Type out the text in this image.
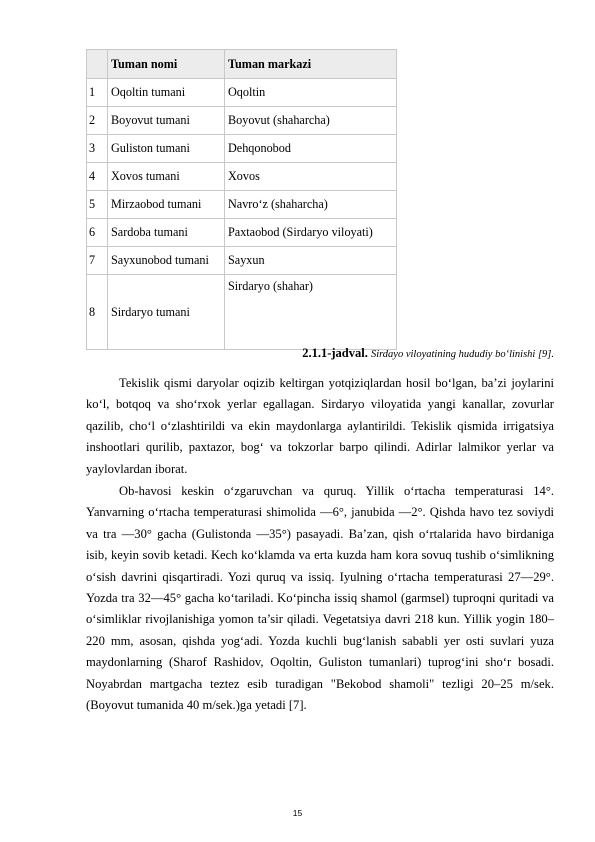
	Tuman nomi	Tuman markazi
1	Oqoltin tumani	Oqoltin
2	Boyovut tumani	Boyovut (shaharcha)
3	Guliston tumani	Dehqonobod
4	Xovos tumani	Xovos
5	Mirzaobod tumani	Navro‘z (shaharcha)
6	Sardoba tumani	Paxtaobod (Sirdaryo viloyati)
7	Sayxunobod tumani	Sayxun
8	Sirdaryo tumani	Sirdaryo (shahar)
2.1.1-jadval. Sirdayo viloyatining hududiy bo‘linishi [9].

Tekislik qismi daryolar oqizib keltirgan yotqiziqlardan hosil bo‘lgan, ba’zi joylarini ko‘l, botqoq va sho‘rxok yerlar egallagan. Sirdaryo viloyatida yangi kanallar, zovurlar qazilib, cho‘l o‘zlashtirildi va ekin maydonlarga aylantirildi. Tekislik qismida irrigatsiya inshootlari qurilib, paxtazor, bog‘ va tokzorlar barpo qilindi. Adirlar lalmikor yerlar va yaylovlardan iborat.

Ob-havosi keskin o‘zgaruvchan va quruq. Yillik o‘rtacha temperaturasi 14°. Yanvarning o‘rtacha temperaturasi shimolida —6°, janubida —2°. Qishda havo tez soviydi va tra —30° gacha (Gulistonda —35°) pasayadi. Ba’zan, qish o‘rtalarida havo birdaniga isib, keyin sovib ketadi. Kech ko‘klamda va erta kuzda ham kora sovuq tushib o‘simlikning o‘sish davrini qisqartiradi. Yozi quruq va issiq. Iyulning o‘rtacha temperaturasi 27—29°. Yozda tra 32—45° gacha ko‘tariladi. Ko‘pincha issiq shamol (garmsel) tuproqni quritadi va o‘simliklar rivojlanishiga yomon ta’sir qiladi. Vegetatsiya davri 218 kun. Yillik yogin 180–220 mm, asosan, qishda yog‘adi. Yozda kuchli bug‘lanish sababli yer osti suvlari yuza maydonlarning (Sharof Rashidov, Oqoltin, Guliston tumanlari) tuprog‘ini sho‘r bosadi. Noyabrdan martgacha teztez esib turadigan "Bekobod shamoli" tezligi 20–25 m/sek. (Boyovut tumanida 40 m/sek.)ga yetadi [7].

15
